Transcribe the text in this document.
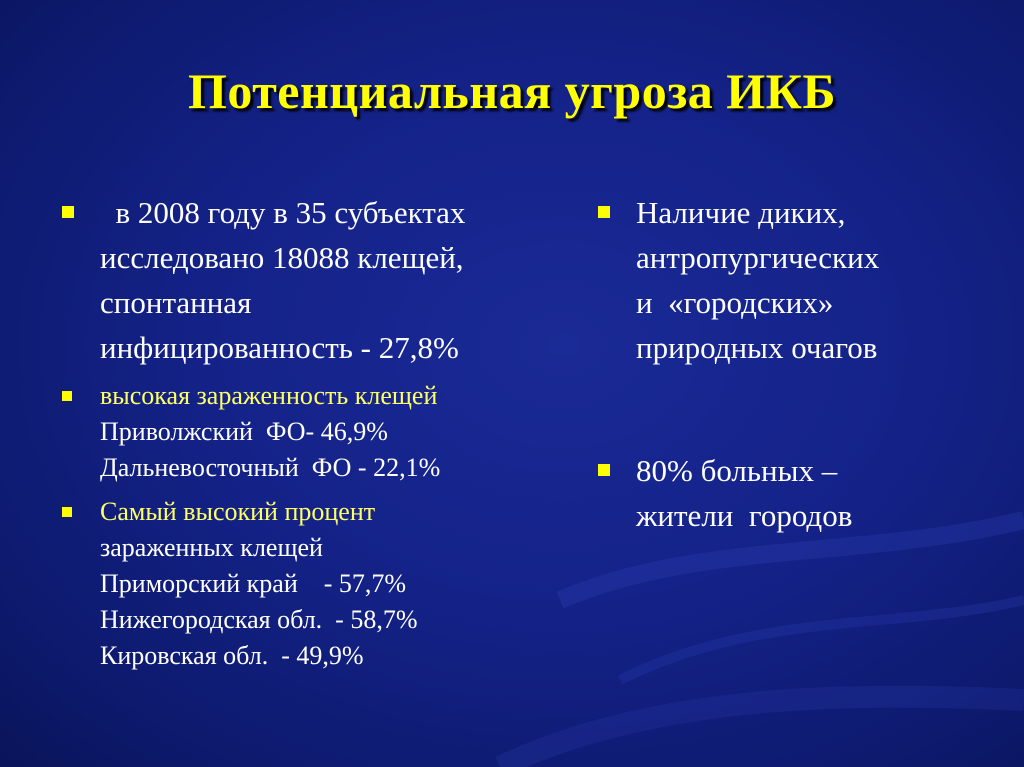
Потенциальная угроза ИКБ
в 2008 году в 35 субъектах
исследовано 18088 клещей,
спонтанная
инфицированность - 27,8%
высокая зараженность клещей
Приволжский  ФО- 46,9%
Дальневосточный  ФО - 22,1%
Самый высокий процент
зараженных клещей
Приморский край    - 57,7%
Нижегородская обл.  - 58,7%
Кировская обл.  - 49,9%
Наличие диких,
антропургических
и  «городских»
природных очагов
80% больных –
жители  городов
